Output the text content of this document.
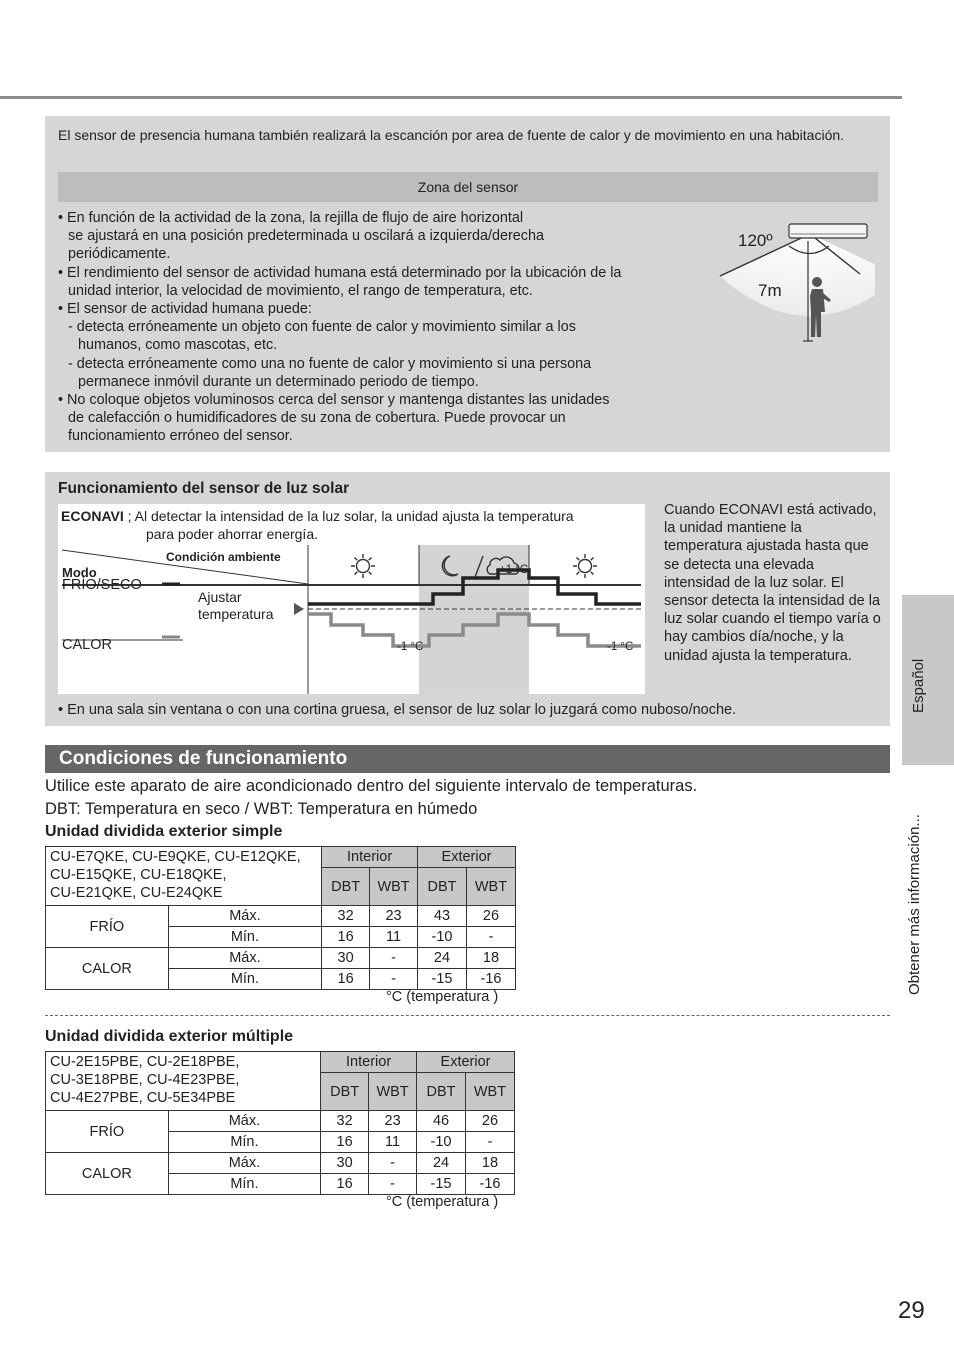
El sensor de presencia humana también realizará la escanción por area de fuente de calor y de movimiento en una habitación.
Zona del sensor

• En función de la actividad de la zona, la rejilla de flujo de aire horizontal

se ajustará en una posición predeterminada u oscilará a izquierda/derecha

periódicamente.

• El rendimiento del sensor de actividad humana está determinado por la ubicación de la

unidad interior, la velocidad de movimiento, el rango de temperatura, etc.

• El sensor de actividad humana puede:

- detecta erróneamente un objeto con fuente de calor y movimiento similar a los

humanos, como mascotas, etc.

- detecta erróneamente como una no fuente de calor y movimiento si una persona

permanece inmóvil durante un determinado periodo de tiempo.

• No coloque objetos voluminosos cerca del sensor y mantenga distantes las unidades

de calefacción o humidificadores de su zona de cobertura. Puede provocar un

funcionamiento erróneo del sensor.

120º
7m
Funcionamiento del sensor de luz solar
ECONAVI ; Al detectar la intensidad de la luz solar, la unidad ajusta la temperatura
para poder ahorrar energía.
Condición ambiente
Modo
CALOR
FRÍO/SECO
Ajustar
temperatura
+1 °C
-1 °C	-1 °C
Cuando ECONAVI está activado, la unidad mantiene la temperatura ajustada hasta que se detecta una elevada intensidad de la luz solar. El sensor detecta la intensidad de la luz solar cuando el tiempo varía o hay cambios día/noche, y la unidad ajusta la temperatura.
• En una sala sin ventana o con una cortina gruesa, el sensor de luz solar lo juzgará como nuboso/noche.
Condiciones de funcionamiento
Utilice este aparato de aire acondicionado dentro del siguiente intervalo de temperaturas.
DBT: Temperatura en seco / WBT: Temperatura en húmedo
Unidad dividida exterior simple
CU-E7QKE, CU-E9QKE, CU-E12QKE,
CU-E15QKE, CU-E18QKE,
CU-E21QKE, CU-E24QKE		Interior		Exterior	
		DBT	WBT	DBT	WBT
FRÍO	Máx.	32	23	43	26
	Mín.	16	11	-10	-
CALOR	Máx.	30	-	24	18
	Mín.	16	-	-15	-16
°C (temperatura )
Unidad dividida exterior múltiple
CU-2E15PBE, CU-2E18PBE,
CU-3E18PBE, CU-4E23PBE,
CU-4E27PBE, CU-5E34PBE		Interior		Exterior	
		DBT	WBT	DBT	WBT
FRÍO	Máx.	32	23	46	26
	Mín.	16	11	-10	-
CALOR	Máx.	30	-	24	18
	Mín.	16	-	-15	-16
°C (temperatura )
Español
Obtener más información...
29
